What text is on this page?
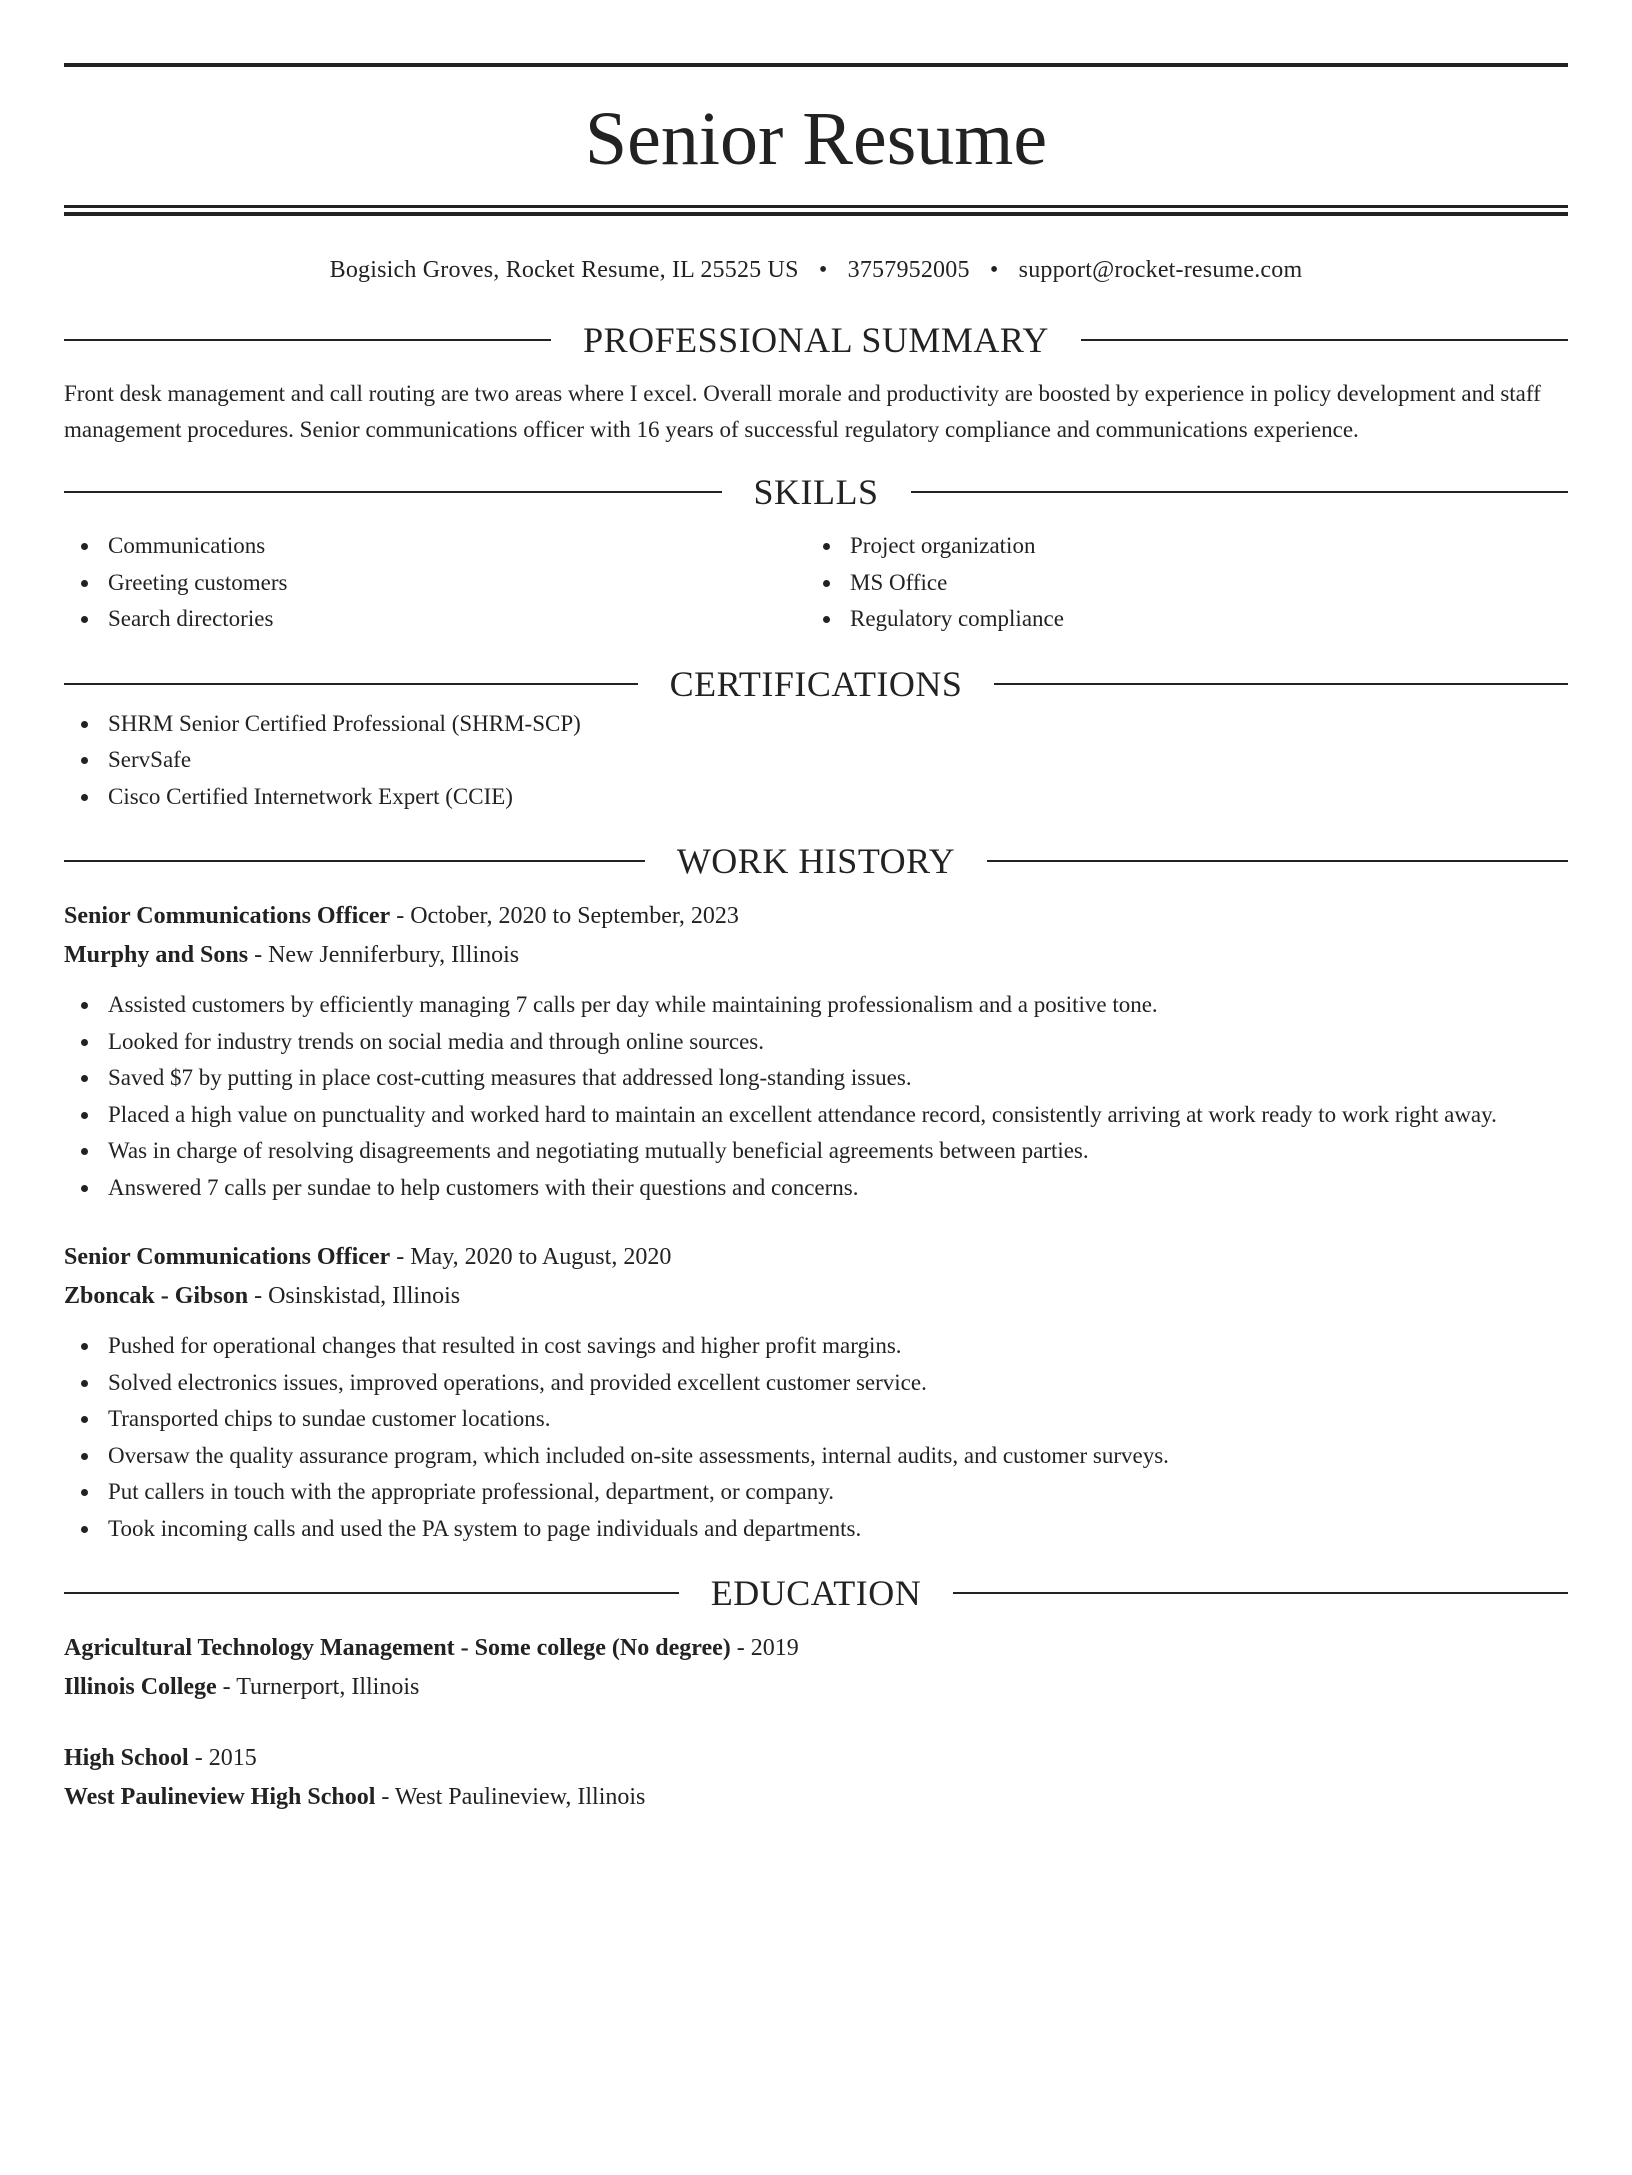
Senior Resume
Bogisich Groves, Rocket Resume, IL 25525 US • 3757952005 • support@rocket-resume.com
PROFESSIONAL SUMMARY

Front desk management and call routing are two areas where I excel. Overall morale and productivity are boosted by experience in policy development and staff management procedures. Senior communications officer with 16 years of successful regulatory compliance and communications experience.

SKILLS
Communications
Greeting customers
Search directories
Project organization
MS Office
Regulatory compliance
CERTIFICATIONS
SHRM Senior Certified Professional (SHRM-SCP)
ServSafe
Cisco Certified Internetwork Expert (CCIE)
WORK HISTORY
Senior Communications Officer - October, 2020 to September, 2023
Murphy and Sons - New Jenniferbury, Illinois
Assisted customers by efficiently managing 7 calls per day while maintaining professionalism and a positive tone.
Looked for industry trends on social media and through online sources.
Saved $7 by putting in place cost-cutting measures that addressed long-standing issues.
Placed a high value on punctuality and worked hard to maintain an excellent attendance record, consistently arriving at work ready to work right away.
Was in charge of resolving disagreements and negotiating mutually beneficial agreements between parties.
Answered 7 calls per sundae to help customers with their questions and concerns.
Senior Communications Officer - May, 2020 to August, 2020
Zboncak - Gibson - Osinskistad, Illinois
Pushed for operational changes that resulted in cost savings and higher profit margins.
Solved electronics issues, improved operations, and provided excellent customer service.
Transported chips to sundae customer locations.
Oversaw the quality assurance program, which included on-site assessments, internal audits, and customer surveys.
Put callers in touch with the appropriate professional, department, or company.
Took incoming calls and used the PA system to page individuals and departments.
EDUCATION
Agricultural Technology Management - Some college (No degree) - 2019
Illinois College - Turnerport, Illinois
High School - 2015
West Paulineview High School - West Paulineview, Illinois
